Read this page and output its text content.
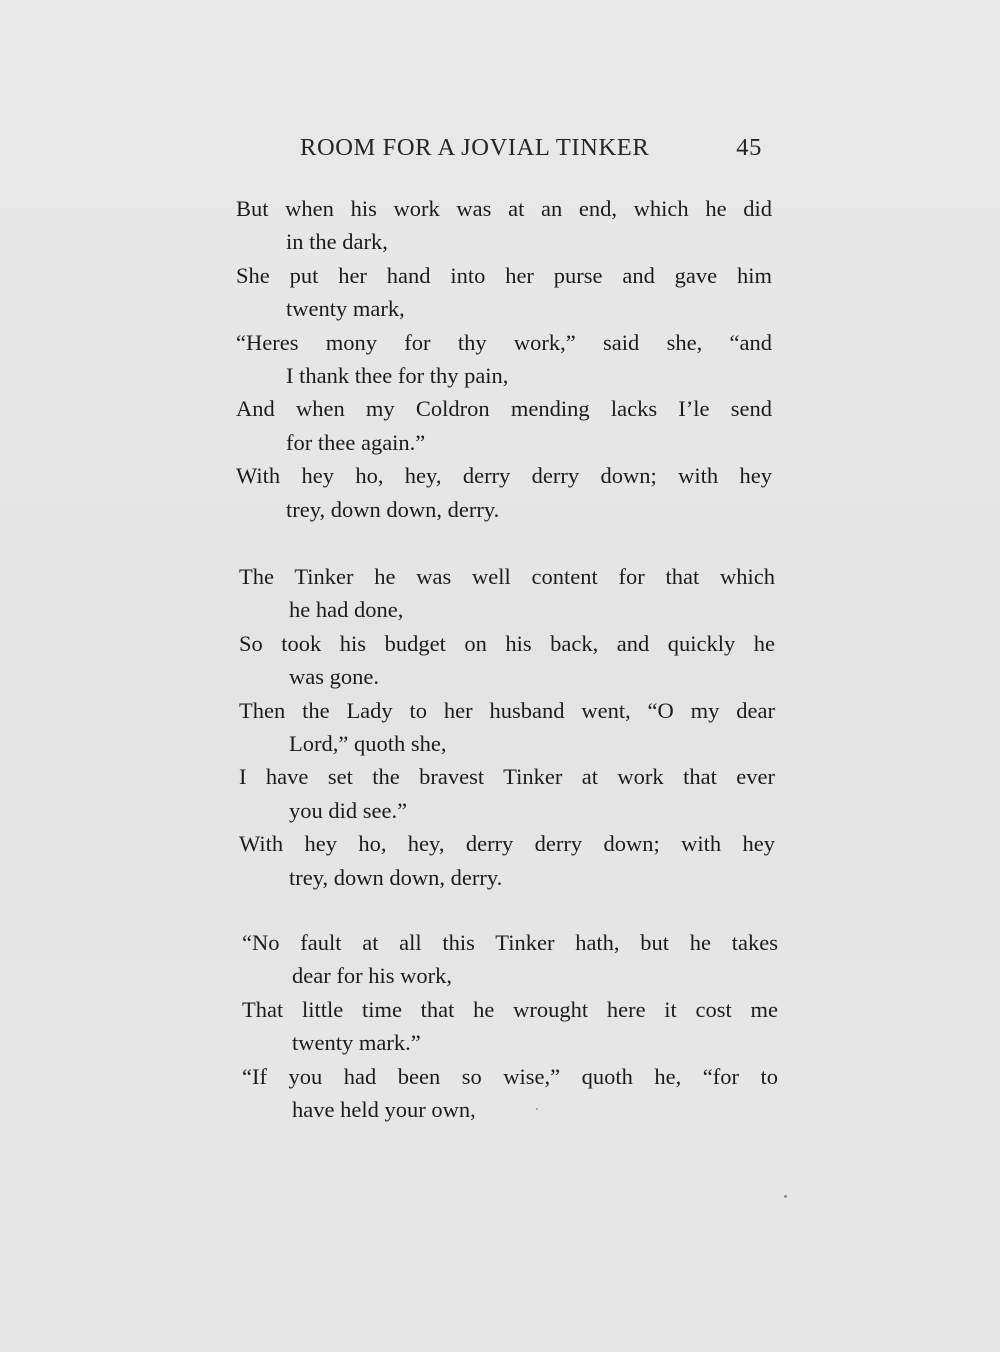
ROOM FOR A JOVIAL TINKER	45
But when his work was at an end, which he did
in the dark,
She put her hand into her purse and gave him
twenty mark,
“Heres mony for thy work,” said she, “and
I thank thee for thy pain,
And when my Coldron mending lacks I’le send
for thee again.”
With hey ho, hey, derry derry down; with hey
trey, down down, derry.
The Tinker he was well content for that which
he had done,
So took his budget on his back, and quickly he
was gone.
Then the Lady to her husband went, “O my dear
Lord,” quoth she,
I have set the bravest Tinker at work that ever
you did see.”
With hey ho, hey, derry derry down; with hey
trey, down down, derry.
“No fault at all this Tinker hath, but he takes
dear for his work,
That little time that he wrought here it cost me
twenty mark.”
“If you had been so wise,” quoth he, “for to
have held your own,
